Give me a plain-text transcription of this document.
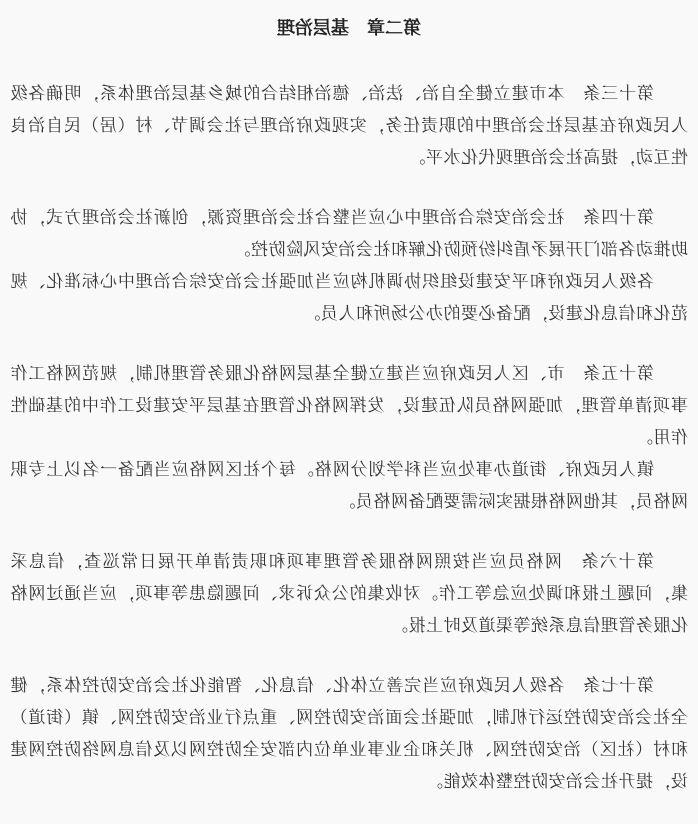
第二章　基层治理

第十三条　本市建立健全自治、法治、德治相结合的城乡基层治理体系，明确各级人民政府在基层社会治理中的职责任务，实现政府治理与社会调节、村（居）民自治良性互动，提高社会治理现代化水平。

第十四条　社会治安综合治理中心应当整合社会治理资源，创新社会治理方式，协助推动各部门开展矛盾纠纷预防化解和社会治安风险防控。

各级人民政府和平安建设组织协调机构应当加强社会治安综合治理中心标准化、规范化和信息化建设，配备必要的办公场所和人员。

第十五条　市、区人民政府应当建立健全基层网格化服务管理机制，规范网格工作事项清单管理，加强网格员队伍建设，发挥网格化管理在基层平安建设工作中的基础性作用。

镇人民政府、街道办事处应当科学划分网格。每个社区网格应当配备一名以上专职网格员，其他网格根据实际需要配备网格员。

第十六条　网格员应当按照网格服务管理事项和职责清单开展日常巡查，信息采集，问题上报和调处应急等工作。对收集的公众诉求、问题隐患等事项，应当通过网格化服务管理信息系统等渠道及时上报。

第十七条　各级人民政府应当完善立体化、信息化、智能化社会治安防控体系，健全社会治安防控运行机制，加强社会面治安防控网、重点行业治安防控网、镇（街道）和村（社区）治安防控网、机关和企业事业单位内部安全防控网以及信息网络防控网建设，提升社会治安防控整体效能。
